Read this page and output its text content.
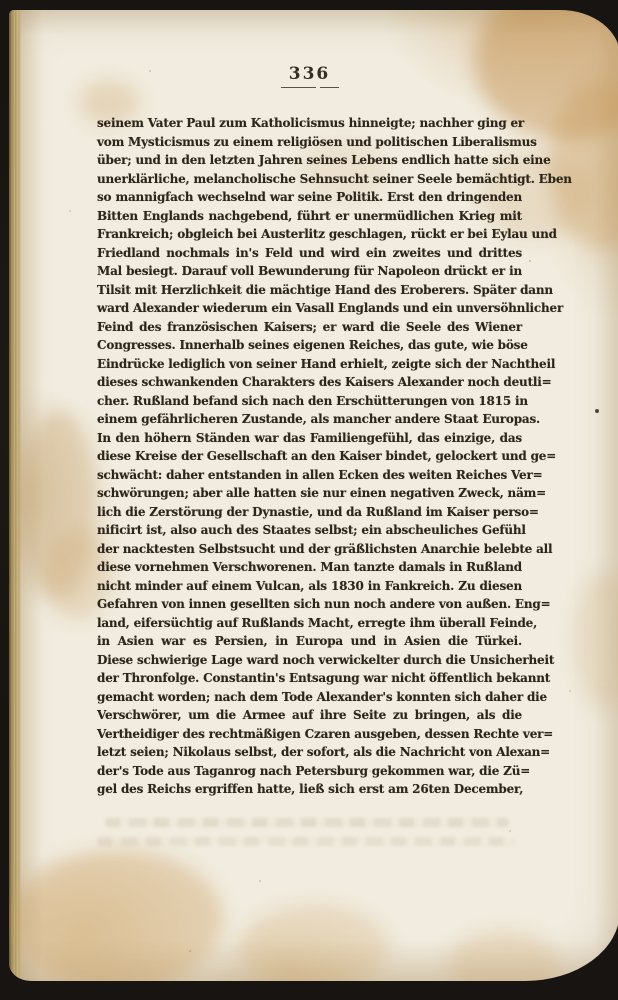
336
seinem Vater Paul zum Katholicismus hinneigte; nachher ging er
vom Mysticismus zu einem religiösen und politischen Liberalismus
über; und in den letzten Jahren seines Lebens endlich hatte sich eine
unerklärliche, melancholische Sehnsucht seiner Seele bemächtigt. Eben
so mannigfach wechselnd war seine Politik. Erst den dringenden
Bitten Englands nachgebend, führt er unermüdlichen Krieg mit
Frankreich; obgleich bei Austerlitz geschlagen, rückt er bei Eylau und
Friedland nochmals in's Feld und wird ein zweites und drittes
Mal besiegt. Darauf voll Bewunderung für Napoleon drückt er in
Tilsit mit Herzlichkeit die mächtige Hand des Eroberers. Später dann
ward Alexander wiederum ein Vasall Englands und ein unversöhnlicher
Feind des französischen Kaisers; er ward die Seele des Wiener
Congresses. Innerhalb seines eigenen Reiches, das gute, wie böse
Eindrücke lediglich von seiner Hand erhielt, zeigte sich der Nachtheil
dieses schwankenden Charakters des Kaisers Alexander noch deutli=
cher. Rußland befand sich nach den Erschütterungen von 1815 in
einem gefährlicheren Zustande, als mancher andere Staat Europas.
In den höhern Ständen war das Familiengefühl, das einzige, das
diese Kreise der Gesellschaft an den Kaiser bindet, gelockert und ge=
schwächt: daher entstanden in allen Ecken des weiten Reiches Ver=
schwörungen; aber alle hatten sie nur einen negativen Zweck, näm=
lich die Zerstörung der Dynastie, und da Rußland im Kaiser perso=
nificirt ist, also auch des Staates selbst; ein abscheuliches Gefühl
der nacktesten Selbstsucht und der gräßlichsten Anarchie belebte all
diese vornehmen Verschworenen. Man tanzte damals in Rußland
nicht minder auf einem Vulcan, als 1830 in Fankreich. Zu diesen
Gefahren von innen gesellten sich nun noch andere von außen. Eng=
land, eifersüchtig auf Rußlands Macht, erregte ihm überall Feinde,
in Asien war es Persien, in Europa und in Asien die Türkei.
Diese schwierige Lage ward noch verwickelter durch die Unsicherheit
der Thronfolge. Constantin's Entsagung war nicht öffentlich bekannt
gemacht worden; nach dem Tode Alexander's konnten sich daher die
Verschwörer, um die Armee auf ihre Seite zu bringen, als die
Vertheidiger des rechtmäßigen Czaren ausgeben, dessen Rechte ver=
letzt seien; Nikolaus selbst, der sofort, als die Nachricht von Alexan=
der's Tode aus Taganrog nach Petersburg gekommen war, die Zü=
gel des Reichs ergriffen hatte, ließ sich erst am 26ten December,
